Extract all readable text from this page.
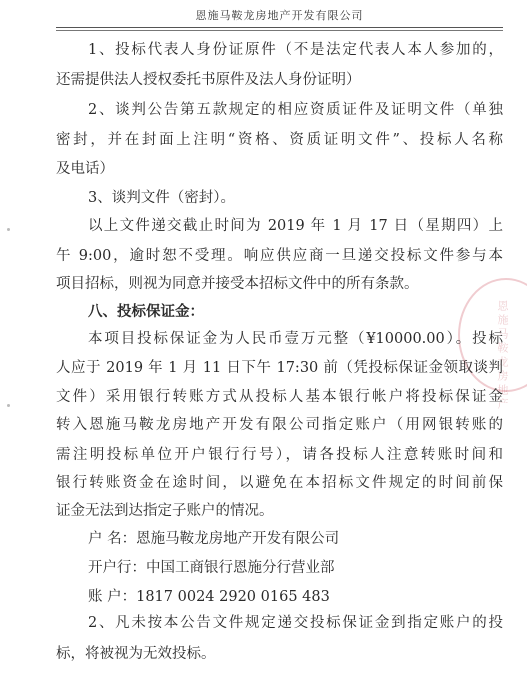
恩施马鞍龙房地产开发有限公司
恩施马鞍龙房地产
1、投标代表人身份证原件（不是法定代表人本人参加的，
还需提供法人授权委托书原件及法人身份证明）
2、谈判公告第五款规定的相应资质证件及证明文件（单独
密封，并在封面上注明“资格、资质证明文件”、投标人名称
及电话）
3、谈判文件（密封）。
以上文件递交截止时间为 2019 年 1 月 17 日（星期四）上
午 9:00，逾时恕不受理。响应供应商一旦递交投标文件参与本
项目招标，则视为同意并接受本招标文件中的所有条款。
八、投标保证金：
本项目投标保证金为人民币壹万元整（¥10000.00）。投标
人应于 2019 年 1 月 11 日下午 17:30 前（凭投标保证金领取谈判
文件）采用银行转账方式从投标人基本银行帐户将投标保证金
转入恩施马鞍龙房地产开发有限公司指定账户（用网银转账的
需注明投标单位开户银行行号），请各投标人注意转账时间和
银行转账资金在途时间，以避免在本招标文件规定的时间前保
证金无法到达指定子账户的情况。
户 名：恩施马鞍龙房地产开发有限公司
开户行：中国工商银行恩施分行营业部
账 户：1817 0024 2920 0165 483
2、凡未按本公告文件规定递交投标保证金到指定账户的投
标，将被视为无效投标。
